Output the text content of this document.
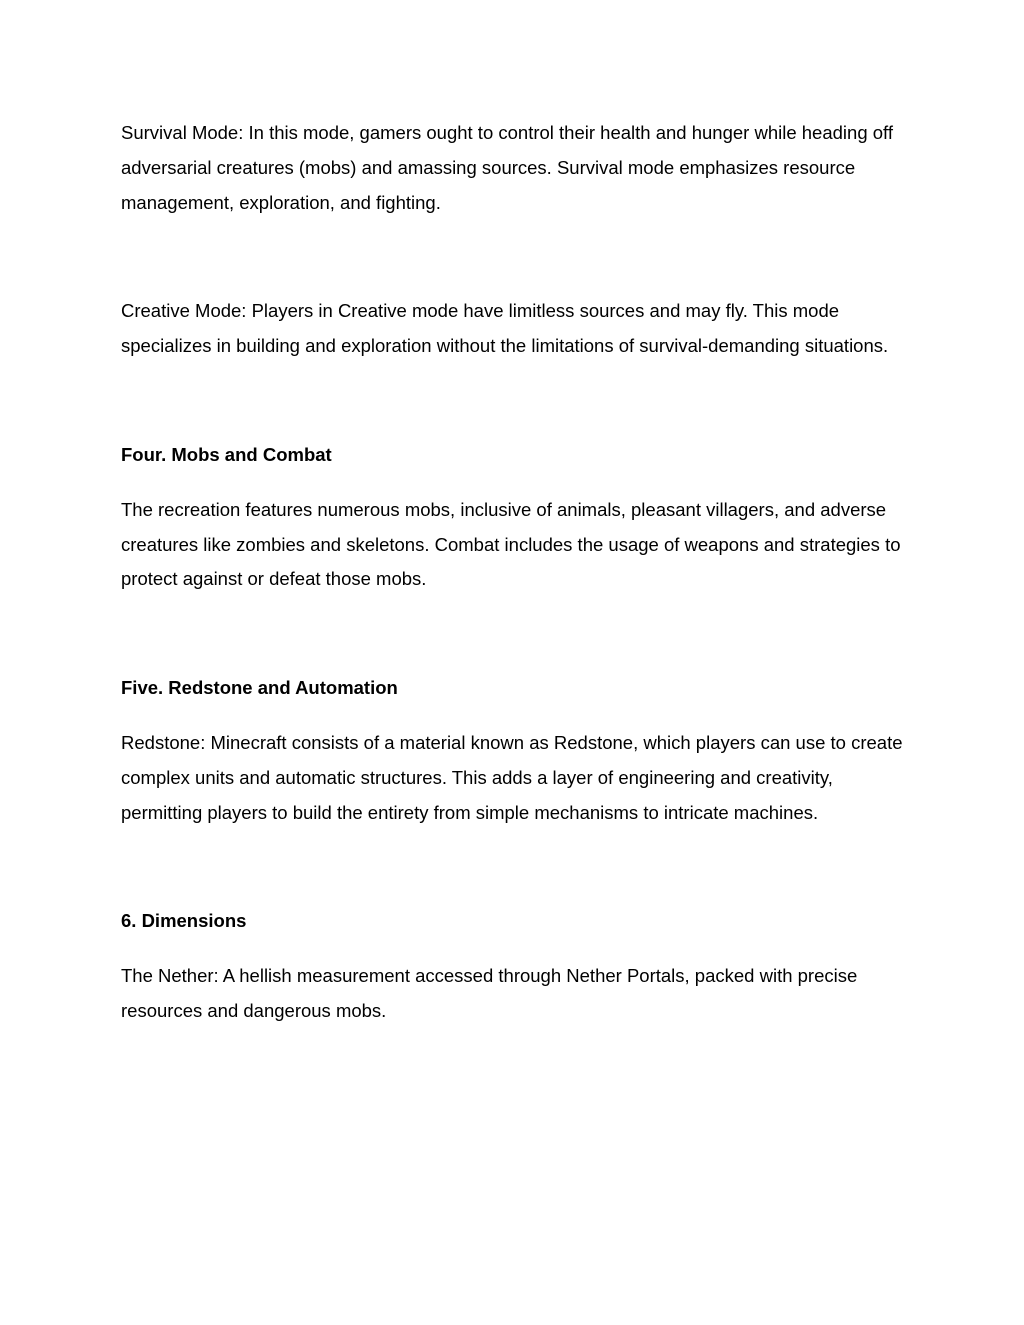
Survival Mode: In this mode, gamers ought to control their health and hunger while heading off adversarial creatures (mobs) and amassing sources. Survival mode emphasizes resource management, exploration, and fighting.

Creative Mode: Players in Creative mode have limitless sources and may fly. This mode specializes in building and exploration without the limitations of survival-demanding situations.

Four. Mobs and Combat

The recreation features numerous mobs, inclusive of animals, pleasant villagers, and adverse creatures like zombies and skeletons. Combat includes the usage of weapons and strategies to protect against or defeat those mobs.

Five. Redstone and Automation

Redstone: Minecraft consists of a material known as Redstone, which players can use to create complex units and automatic structures. This adds a layer of engineering and creativity, permitting players to build the entirety from simple mechanisms to intricate machines.

6. Dimensions

The Nether: A hellish measurement accessed through Nether Portals, packed with precise resources and dangerous mobs.
